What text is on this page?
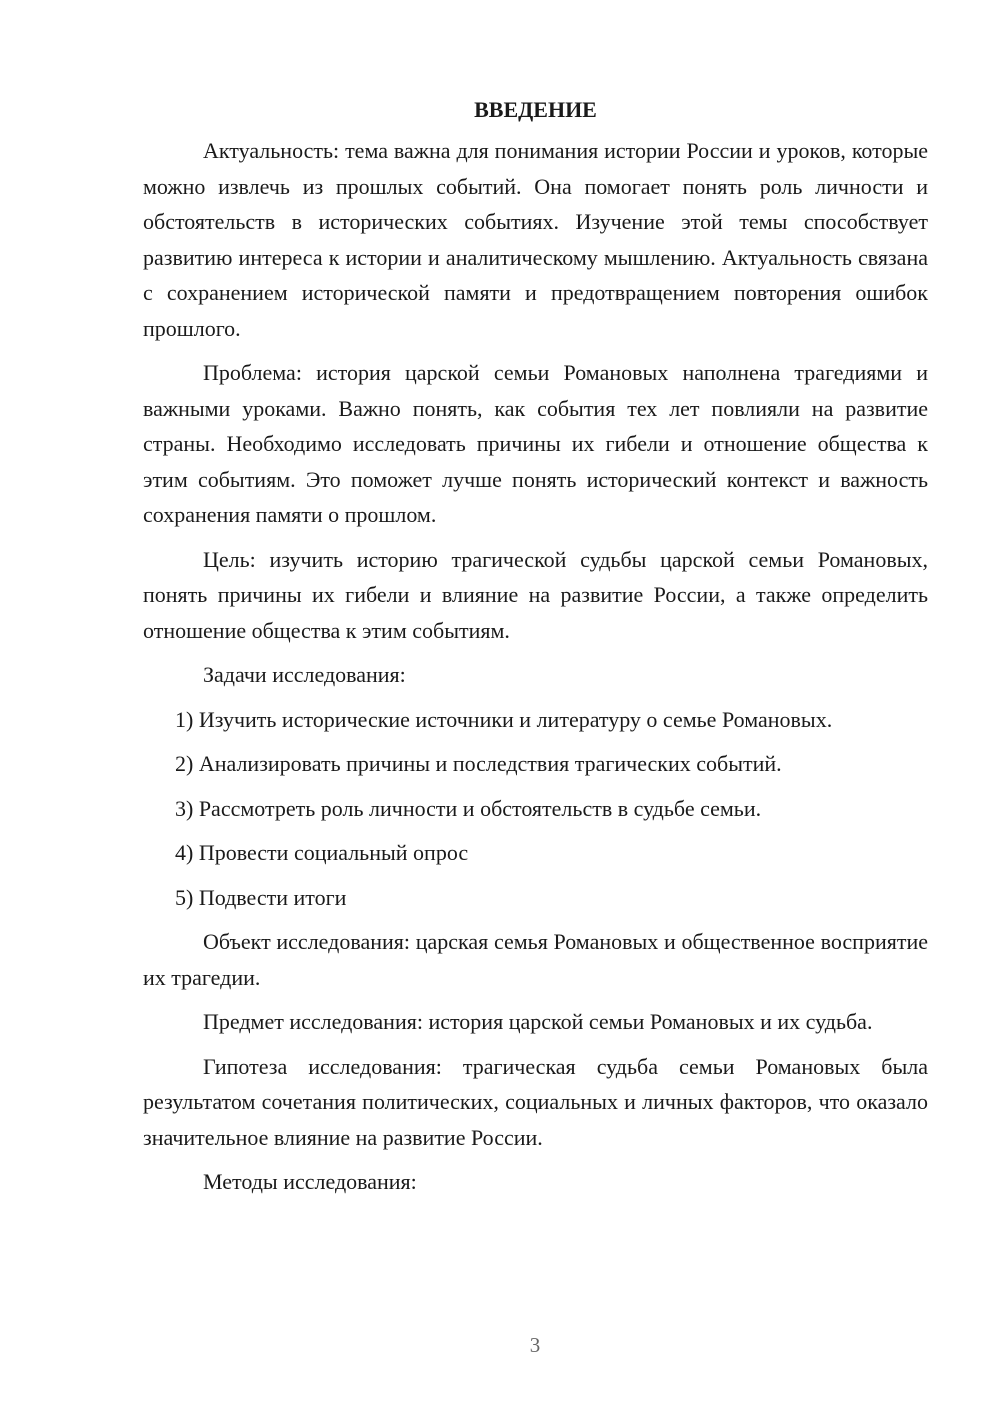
ВВЕДЕНИЕ

Актуальность: тема важна для понимания истории России и уроков, которые можно извлечь из прошлых событий. Она помогает понять роль личности и обстоятельств в исторических событиях. Изучение этой темы способствует развитию интереса к истории и аналитическому мышлению. Актуальность связана с сохранением исторической памяти и предотвращением повторения ошибок прошлого.

Проблема: история царской семьи Романовых наполнена трагедиями и важными уроками. Важно понять, как события тех лет повлияли на развитие страны. Необходимо исследовать причины их гибели и отношение общества к этим событиям. Это поможет лучше понять исторический контекст и важность сохранения памяти о прошлом.

Цель: изучить историю трагической судьбы царской семьи Романовых, понять причины их гибели и влияние на развитие России, а также определить отношение общества к этим событиям.

Задачи исследования:

1) Изучить исторические источники и литературу о семье Романовых.
2) Анализировать причины и последствия трагических событий.
3) Рассмотреть роль личности и обстоятельств в судьбе семьи.
4) Провести социальный опрос
5) Подвести итоги

Объект исследования: царская семья Романовых и общественное восприятие их трагедии.

Предмет исследования: история царской семьи Романовых и их судьба.

Гипотеза исследования: трагическая судьба семьи Романовых была результатом сочетания политических, социальных и личных факторов, что оказало значительное влияние на развитие России.

Методы исследования:

3
